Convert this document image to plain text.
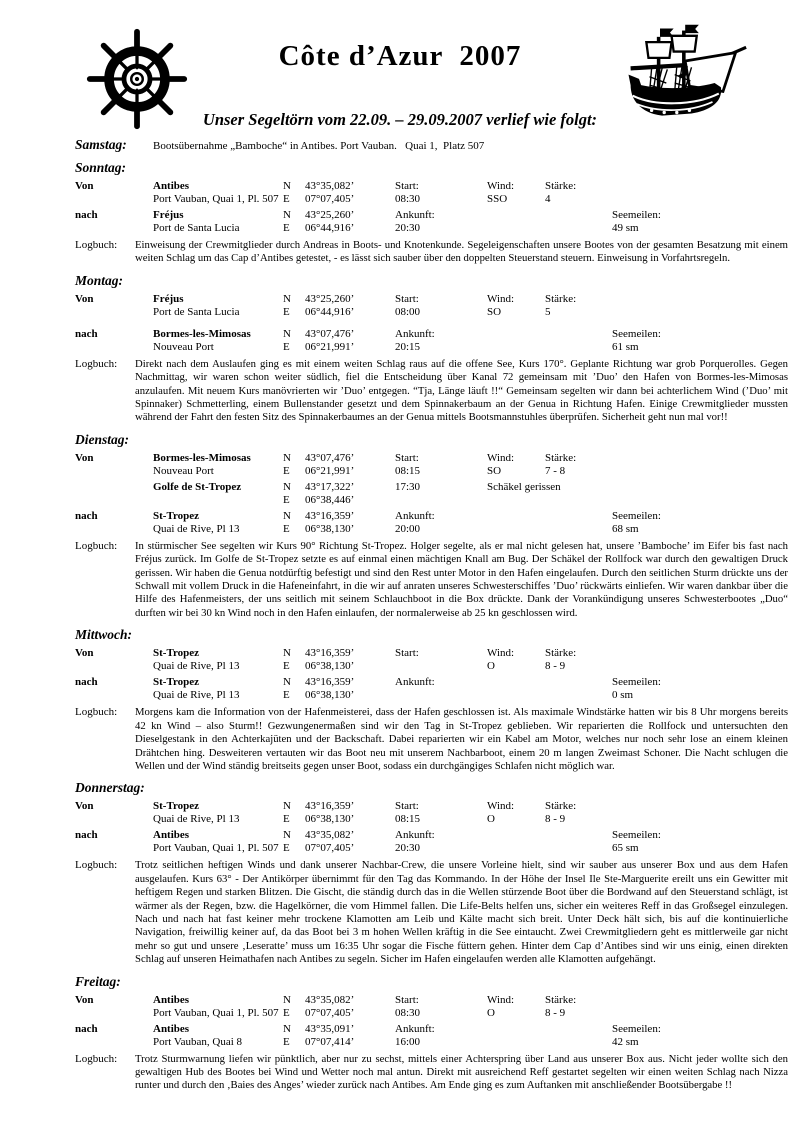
Côte d’Azur  2007
Unser Segeltörn vom 22.09. – 29.09.2007 verlief wie folgt:
Samstag:	Bootsübernahme „Bamboche“ in Antibes. Port Vauban.   Quai 1,  Platz 507
Sonntag:
Von	Antibes	N	43°35,082’	Start:	Wind:	Stärke:
Port Vauban, Quai 1, Pl. 507 E	07°07,405’	08:30	SSO	4
nach	Fréjus	N	43°25,260’	Ankunft:	Seemeilen:
Port de Santa Lucia	E	06°44,916’	20:30	49 sm
Logbuch:	Einweisung der Crewmitglieder durch Andreas in Boots- und Knotenkunde. Segeleigenschaften unsere Bootes von der gesamten Besatzung mit einem weiten Schlag um das Cap d’Antibes getestet, - es lässt sich sauber über den doppelten Steuerstand steuern. Einweisung in Vorfahrtsregeln.

Montag:
Von	Fréjus	N	43°25,260’	Start:	Wind:	Stärke:
Port de Santa Lucia	E	06°44,916’	08:00	SO	5
nach	Bormes-les-Mimosas	N	43°07,476’	Ankunft:	Seemeilen:
Nouveau Port	E	06°21,991’	20:15	61 sm
Logbuch:	Direkt nach dem Auslaufen ging es mit einem weiten Schlag raus auf die offene See, Kurs 170°. Geplante Richtung war grob Porquerolles. Gegen Nachmittag, wir waren schon weiter südlich, fiel die Entscheidung über Kanal 72 gemeinsam mit ’Duo’ den Hafen von Bormes-les-Mimosas anzulaufen. Mit neuem Kurs manövrierten wir ’Duo’ entgegen. “Tja, Länge läuft !!“ Gemeinsam segelten wir dann bei achterlichem Wind (’Duo’ mit Spinnaker) Schmetterling, einem Bullenstander gesetzt und dem Spinnakerbaum an der Genua in Richtung Hafen. Einige Crewmitglieder mussten während der Fahrt den festen Sitz des Spinnakerbaumes an der Genua mittels Bootsmannstuhles überprüfen. Sicherheit geht nun mal vor!!

Dienstag:
Von	Bormes-les-Mimosas	N	43°07,476’	Start:	Wind:	Stärke:
Nouveau Port	E	06°21,991’	08:15	SO	7 - 8
Golfe de St-Tropez	N	43°17,322’	17:30	Schäkel gerissen
E	06°38,446’
nach	St-Tropez	N	43°16,359’	Ankunft:	Seemeilen:
Quai de Rive, Pl 13	E	06°38,130’	20:00	68 sm
Logbuch:	In stürmischer See segelten wir Kurs 90° Richtung St-Tropez. Holger segelte, als er mal nicht gelesen hat, unsere ’Bamboche’ im Eifer bis fast nach Fréjus zurück. Im Golfe de St-Tropez setzte es auf einmal einen mächtigen Knall am Bug. Der Schäkel der Rollfock war durch den gewaltigen Druck gerissen. Wir haben die Genua notdürftig befestigt und sind den Rest unter Motor in den Hafen eingelaufen. Durch den seitlichen Sturm drückte uns der Schwall mit vollem Druck in die Hafeneinfahrt, in die wir auf anraten unseres Schwesterschiffes ’Duo’ rückwärts einliefen. Wir waren dankbar über die Hilfe des Hafenmeisters, der uns seitlich mit seinem Schlauchboot in die Box drückte. Dank der Vorankündigung unseres Schwesterbootes „Duo“ durften wir bei 30 kn Wind noch in den Hafen einlaufen, der normalerweise ab 25 kn geschlossen wird.

Mittwoch:
Von	St-Tropez	N	43°16,359’	Start:	Wind:	Stärke:
Quai de Rive, Pl 13	E	06°38,130’	O	8 - 9
nach	St-Tropez	N	43°16,359’	Ankunft:	Seemeilen:
Quai de Rive, Pl 13	E	06°38,130’	0 sm
Logbuch:	Morgens kam die Information von der Hafenmeisterei, dass der Hafen geschlossen ist. Als maximale Windstärke hatten wir bis 8 Uhr morgens bereits 42 kn Wind – also Sturm!! Gezwungenermaßen sind wir den Tag in St-Tropez geblieben. Wir reparierten die Rollfock und untersuchten den Dieselgestank in den Achterkajüten und der Backschaft. Dabei reparierten wir ein Kabel am Motor, welches nur noch sehr lose an einem kleinen Drähtchen hing. Desweiteren vertauten wir das Boot neu mit unserem Nachbarboot, einem 20 m langen Zweimast Schoner. Die Nacht schlugen die Wellen und der Wind ständig breitseits gegen unser Boot, sodass ein durchgängiges Schlafen nicht möglich war.

Donnerstag:
Von	St-Tropez	N	43°16,359’	Start:	Wind:	Stärke:
Quai de Rive, Pl 13	E	06°38,130’	08:15	O	8 - 9
nach	Antibes	N	43°35,082’	Ankunft:	Seemeilen:
Port Vauban, Quai 1, Pl. 507 E	07°07,405’	20:30	65 sm
Logbuch:	Trotz seitlichen heftigen Winds und dank unserer Nachbar-Crew, die unsere Vorleine hielt, sind wir sauber aus unserer Box und aus dem Hafen ausgelaufen. Kurs 63° - Der Antikörper übernimmt für den Tag das Kommando. In der Höhe der Insel Ile Ste-Marguerite ereilt uns ein Gewitter mit heftigem Regen und starken Blitzen. Die Gischt, die ständig durch das in die Wellen stürzende Boot über die Bordwand auf den Steuerstand schlägt, ist wärmer als der Regen, bzw. die Hagelkörner, die vom Himmel fallen. Die Life-Belts helfen uns, sicher ein weiteres Reff in das Großsegel einzulegen. Nach und nach hat fast keiner mehr trockene Klamotten am Leib und Kälte macht sich breit. Unter Deck hält sich, bis auf die kontinuierliche Navigation, freiwillig keiner auf, da das Boot bei 3 m hohen Wellen kräftig in die See eintaucht. Zwei Crewmitgliedern geht es mittlerweile gar nicht mehr so gut und unsere ‚Leseratte’ muss um 16:35 Uhr sogar die Fische füttern gehen. Hinter dem Cap d’Antibes sind wir uns einig, einen direkten Schlag auf unseren Heimathafen nach Antibes zu segeln. Sicher im Hafen eingelaufen werden alle Klamotten aufgehängt.

Freitag:
Von	Antibes	N	43°35,082’	Start:	Wind:	Stärke:
Port Vauban, Quai 1, Pl. 507 E	07°07,405’	08:30	O	8 - 9
nach	Antibes	N	43°35,091’	Ankunft:	Seemeilen:
Port Vauban, Quai 8	E	07°07,414’	16:00	42 sm
Logbuch:	Trotz Sturmwarnung liefen wir pünktlich, aber nur zu sechst, mittels einer Achterspring über Land aus unserer Box aus. Nicht jeder wollte sich den gewaltigen Hub des Bootes bei Wind und Wetter noch mal antun. Direkt mit ausreichend Reff gestartet segelten wir einen weiten Schlag nach Nizza runter und durch den ‚Baies des Anges’ wieder zurück nach Antibes. Am Ende ging es zum Auftanken mit anschließender Bootsübergabe !!
